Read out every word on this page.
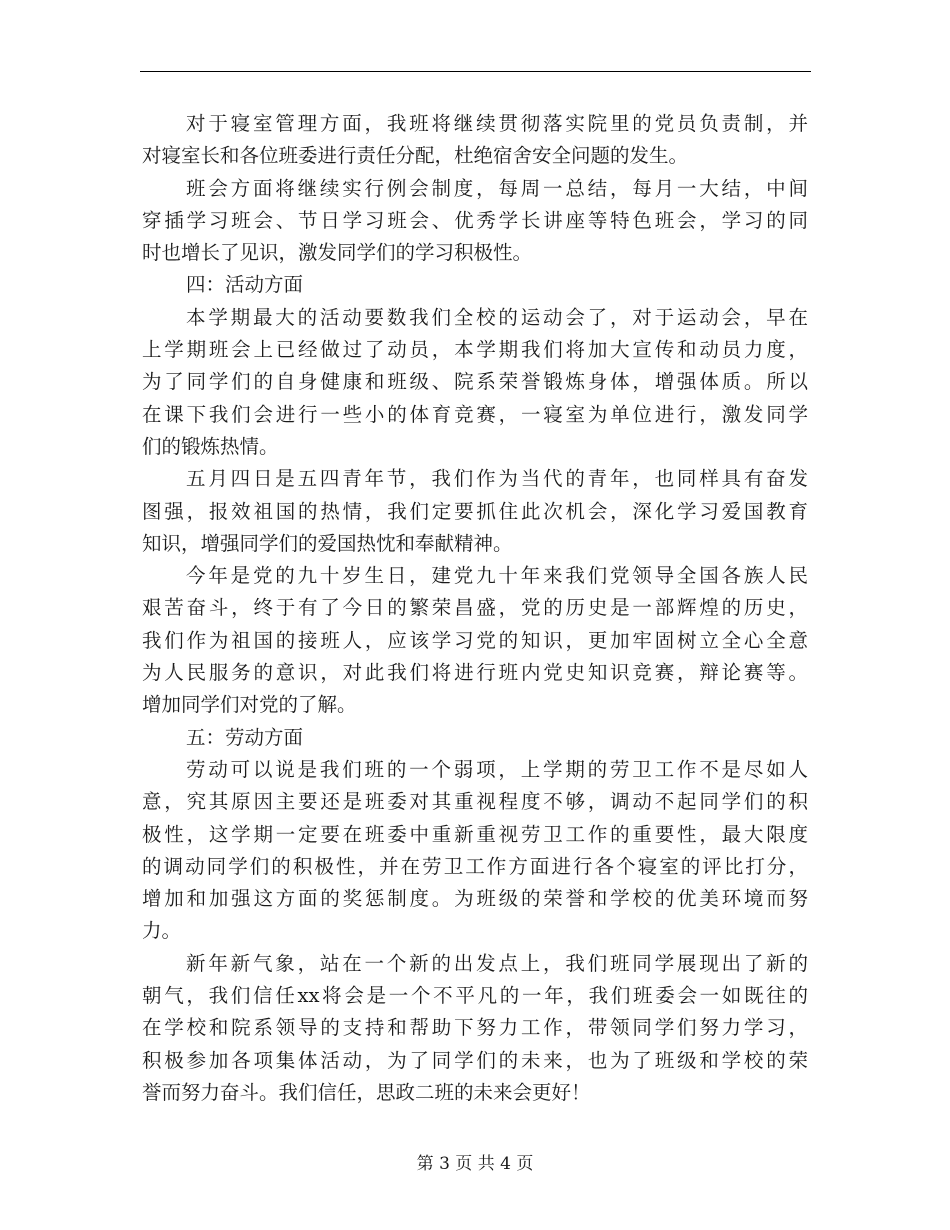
对于寝室管理方面，我班将继续贯彻落实院里的党员负责制，并
对寝室长和各位班委进行责任分配，杜绝宿舍安全问题的发生。
班会方面将继续实行例会制度，每周一总结，每月一大结，中间
穿插学习班会、节日学习班会、优秀学长讲座等特色班会，学习的同
时也增长了见识，激发同学们的学习积极性。
四：活动方面
本学期最大的活动要数我们全校的运动会了，对于运动会，早在
上学期班会上已经做过了动员，本学期我们将加大宣传和动员力度，
为了同学们的自身健康和班级、院系荣誉锻炼身体，增强体质。所以
在课下我们会进行一些小的体育竞赛，一寝室为单位进行，激发同学
们的锻炼热情。
五月四日是五四青年节，我们作为当代的青年，也同样具有奋发
图强，报效祖国的热情，我们定要抓住此次机会，深化学习爱国教育
知识，增强同学们的爱国热忱和奉献精神。
今年是党的九十岁生日，建党九十年来我们党领导全国各族人民
艰苦奋斗，终于有了今日的繁荣昌盛，党的历史是一部辉煌的历史，
我们作为祖国的接班人，应该学习党的知识，更加牢固树立全心全意
为人民服务的意识，对此我们将进行班内党史知识竞赛，辩论赛等。
增加同学们对党的了解。
五：劳动方面
劳动可以说是我们班的一个弱项，上学期的劳卫工作不是尽如人
意，究其原因主要还是班委对其重视程度不够，调动不起同学们的积
极性，这学期一定要在班委中重新重视劳卫工作的重要性，最大限度
的调动同学们的积极性，并在劳卫工作方面进行各个寝室的评比打分，
增加和加强这方面的奖惩制度。为班级的荣誉和学校的优美环境而努
力。
新年新气象，站在一个新的出发点上，我们班同学展现出了新的
朝气，我们信任xx将会是一个不平凡的一年，我们班委会一如既往的
在学校和院系领导的支持和帮助下努力工作，带领同学们努力学习，
积极参加各项集体活动，为了同学们的未来，也为了班级和学校的荣
誉而努力奋斗。我们信任，思政二班的未来会更好！
第 3 页 共 4 页
